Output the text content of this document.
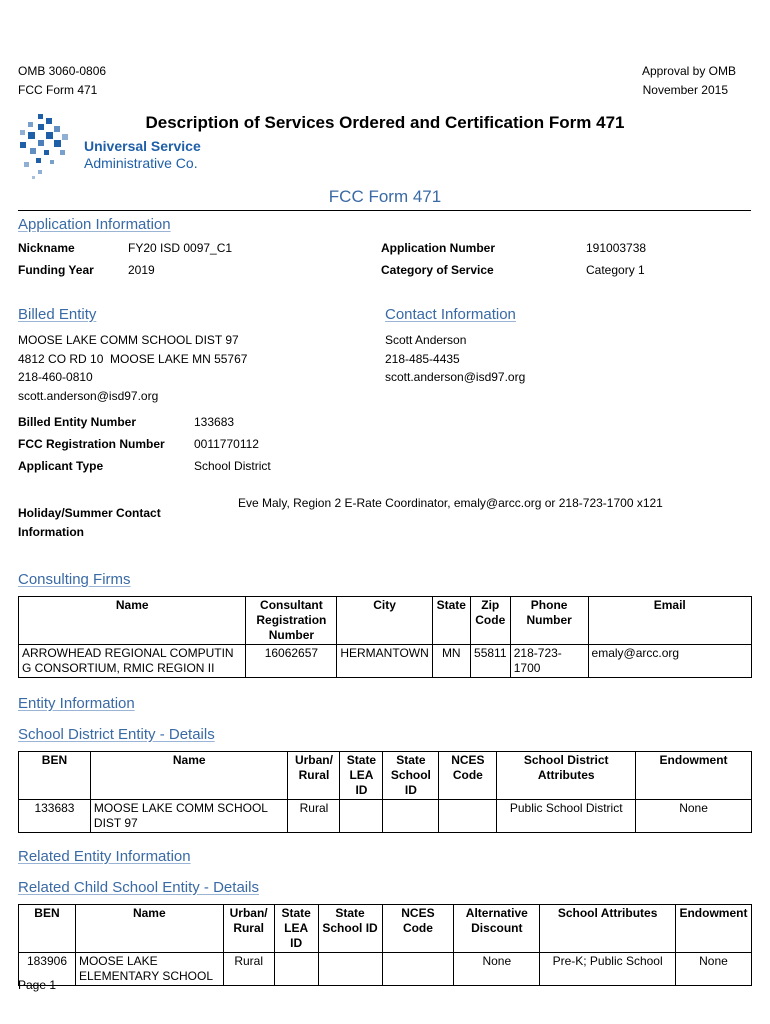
OMB 3060-0806
FCC Form 471
Approval by OMB
November 2015
Universal Service
Administrative Co.
Description of Services Ordered and Certification Form 471
FCC Form 471
Application Information
Nickname	FY20 ISD 0097_C1	Application Number	191003738
Funding Year	2019	Category of Service	Category 1
Billed Entity
MOOSE LAKE COMM SCHOOL DIST 97
4812 CO RD 10  MOOSE LAKE MN 55767
218-460-0810
scott.anderson@isd97.org
Contact Information
Scott Anderson
218-485-4435
scott.anderson@isd97.org
Billed Entity Number	133683
FCC Registration Number 0011770112
Applicant Type	School District
Holiday/Summer Contact
Information
Eve Maly, Region 2 E-Rate Coordinator, emaly@arcc.org or 218-723-1700 x121
Consulting Firms
Name	Consultant Registration Number	City	State	Zip Code	Phone Number	Email
ARROWHEAD REGIONAL COMPUTIN G CONSORTIUM, RMIC REGION II	16062657	HERMANTOWN	MN	55811	218-723-1700	emaly@arcc.org
Entity Information
School District Entity - Details
BEN	Name	Urban/ Rural	State LEA ID	State School ID	NCES Code	School District Attributes	Endowment
133683	MOOSE LAKE COMM SCHOOL DIST 97	Rural				Public School District	None
Related Entity Information
Related Child School Entity - Details
BEN	Name	Urban/ Rural	State LEA ID	State School ID	NCES Code	Alternative Discount	School Attributes	Endowment
183906	MOOSE LAKE ELEMENTARY SCHOOL	Rural				None	Pre-K; Public School	None
Page 1
